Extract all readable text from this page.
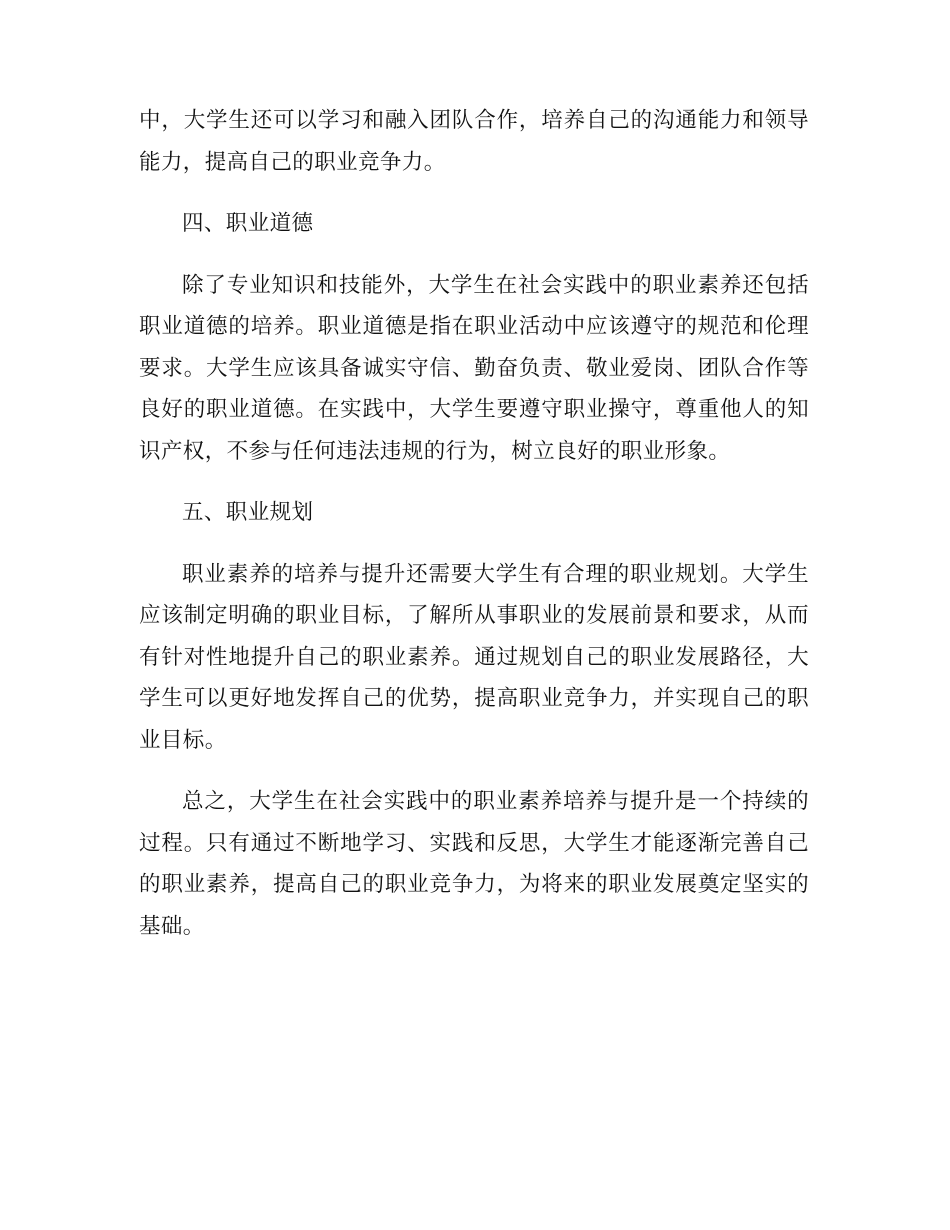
中，大学生还可以学习和融入团队合作，培养自己的沟通能力和领导能力，提高自己的职业竞争力。

四、职业道德

除了专业知识和技能外，大学生在社会实践中的职业素养还包括职业道德的培养。职业道德是指在职业活动中应该遵守的规范和伦理要求。大学生应该具备诚实守信、勤奋负责、敬业爱岗、团队合作等良好的职业道德。在实践中，大学生要遵守职业操守，尊重他人的知识产权，不参与任何违法违规的行为，树立良好的职业形象。

五、职业规划

职业素养的培养与提升还需要大学生有合理的职业规划。大学生应该制定明确的职业目标，了解所从事职业的发展前景和要求，从而有针对性地提升自己的职业素养。通过规划自己的职业发展路径，大学生可以更好地发挥自己的优势，提高职业竞争力，并实现自己的职业目标。

总之，大学生在社会实践中的职业素养培养与提升是一个持续的过程。只有通过不断地学习、实践和反思，大学生才能逐渐完善自己的职业素养，提高自己的职业竞争力，为将来的职业发展奠定坚实的基础。
